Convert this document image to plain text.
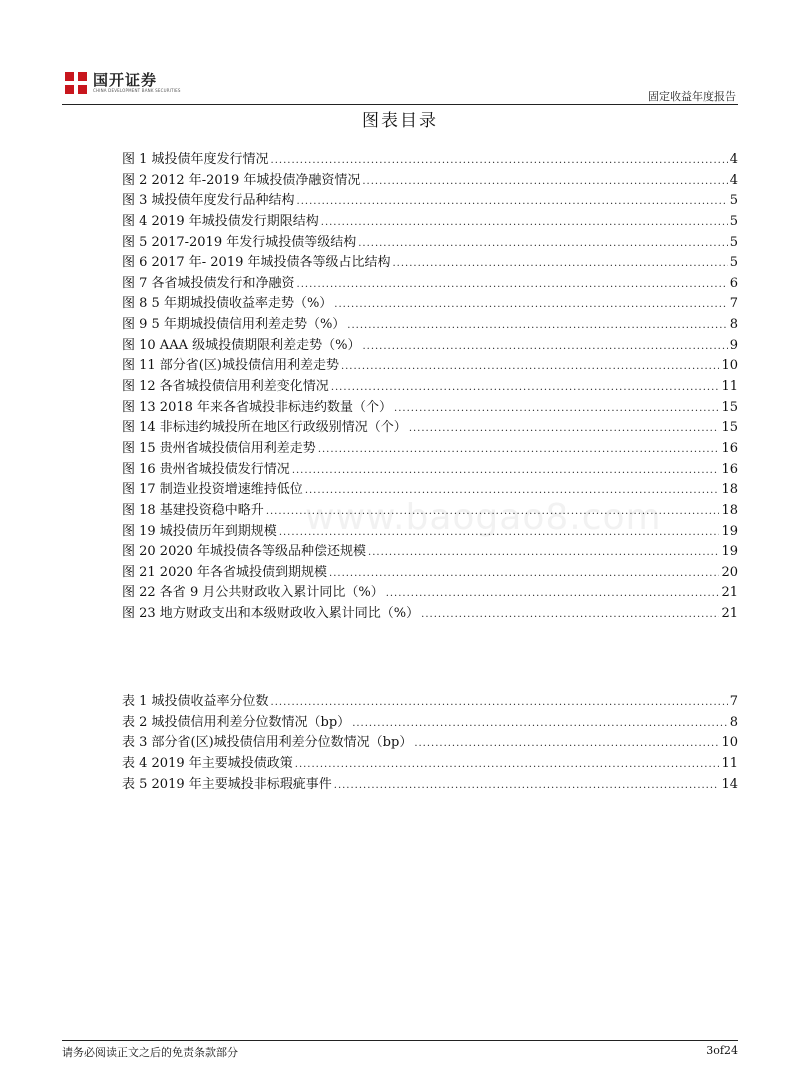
国开证券
CHINA DEVELOPMENT BANK SECURITIES	固定收益年度报告
图表目录
www.baogao8.com
图 1 城投债年度发行情况 .....	4
图 2 2012 年-2019 年城投债净融资情况 .....	4
图 3 城投债年度发行品种结构 .....	5
图 4 2019 年城投债发行期限结构 .....	5
图 5 2017-2019 年发行城投债等级结构 .....	5
图 6 2017 年- 2019 年城投债各等级占比结构 .....	5
图 7 各省城投债发行和净融资 .....	6
图 8 5 年期城投债收益率走势（%） .....	7
图 9 5 年期城投债信用利差走势（%） .....	8
图 10 AAA 级城投债期限利差走势（%） .....	9
图 11 部分省(区)城投债信用利差走势 .....	10
图 12 各省城投债信用利差变化情况 .....	11
图 13 2018 年来各省城投非标违约数量（个） .....	15
图 14 非标违约城投所在地区行政级别情况（个） .....	15
图 15 贵州省城投债信用利差走势 .....	16
图 16 贵州省城投债发行情况 .....	16
图 17 制造业投资增速维持低位 .....	18
图 18 基建投资稳中略升 .....	18
图 19 城投债历年到期规模 .....	19
图 20 2020 年城投债各等级品种偿还规模 .....	19
图 21 2020 年各省城投债到期规模 .....	20
图 22 各省 9 月公共财政收入累计同比（%） .....	21
图 23 地方财政支出和本级财政收入累计同比（%） .....	21
表 1 城投债收益率分位数 .....	7
表 2 城投债信用利差分位数情况（bp） .....	8
表 3 部分省(区)城投债信用利差分位数情况（bp） .....	10
表 4 2019 年主要城投债政策 .....	11
表 5 2019 年主要城投非标瑕疵事件 .....	14
请务必阅读正文之后的免责条款部分	3of24
